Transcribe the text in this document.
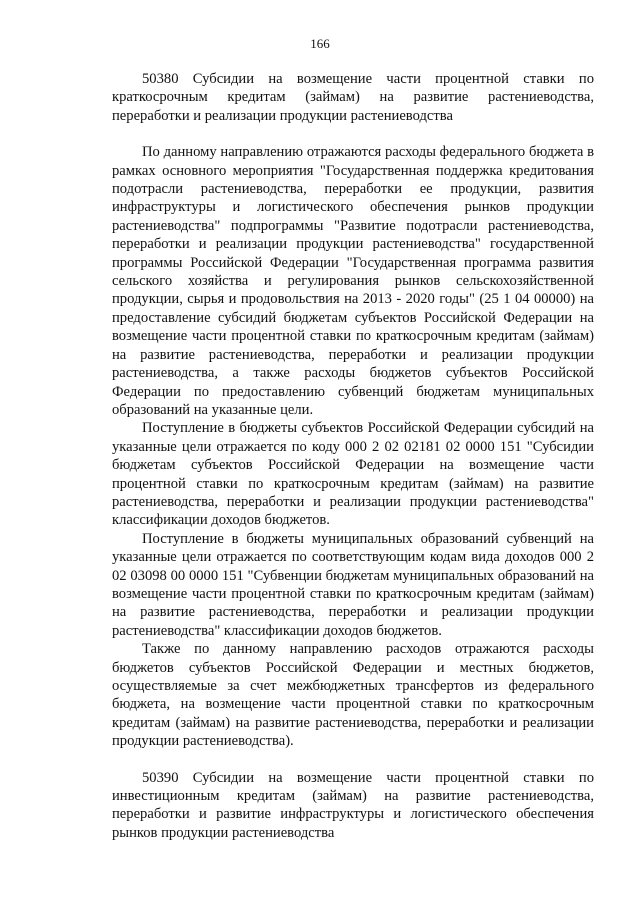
166

50380 Субсидии на возмещение части процентной ставки по краткосрочным кредитам (займам) на развитие растениеводства, переработки и реализации продукции растениеводства

По данному направлению отражаются расходы федерального бюджета в рамках основного мероприятия "Государственная поддержка кредитования подотрасли растениеводства, переработки ее продукции, развития инфраструктуры и логистического обеспечения рынков продукции растениеводства" подпрограммы "Развитие подотрасли растениеводства, переработки и реализации продукции растениеводства" государственной программы Российской Федерации "Государственная программа развития сельского хозяйства и регулирования рынков сельскохозяйственной продукции, сырья и продовольствия на 2013 - 2020 годы" (25 1 04 00000) на предоставление субсидий бюджетам субъектов Российской Федерации на возмещение части процентной ставки по краткосрочным кредитам (займам) на развитие растениеводства, переработки и реализации продукции растениеводства, а также расходы бюджетов субъектов Российской Федерации по предоставлению субвенций бюджетам муниципальных образований на указанные цели.

Поступление в бюджеты субъектов Российской Федерации субсидий на указанные цели отражается по коду 000 2 02 02181 02 0000 151 "Субсидии бюджетам субъектов Российской Федерации на возмещение части процентной ставки по краткосрочным кредитам (займам) на развитие растениеводства, переработки и реализации продукции растениеводства" классификации доходов бюджетов.

Поступление в бюджеты муниципальных образований субвенций на указанные цели отражается по соответствующим кодам вида доходов 000 2 02 03098 00 0000 151 "Субвенции бюджетам муниципальных образований на возмещение части процентной ставки по краткосрочным кредитам (займам) на развитие растениеводства, переработки и реализации продукции растениеводства" классификации доходов бюджетов.

Также по данному направлению расходов отражаются расходы бюджетов субъектов Российской Федерации и местных бюджетов, осуществляемые за счет межбюджетных трансфертов из федерального бюджета, на возмещение части процентной ставки по краткосрочным кредитам (займам) на развитие растениеводства, переработки и реализации продукции растениеводства).

50390 Субсидии на возмещение части процентной ставки по инвестиционным кредитам (займам) на развитие растениеводства, переработки и развитие инфраструктуры и логистического обеспечения рынков продукции растениеводства
